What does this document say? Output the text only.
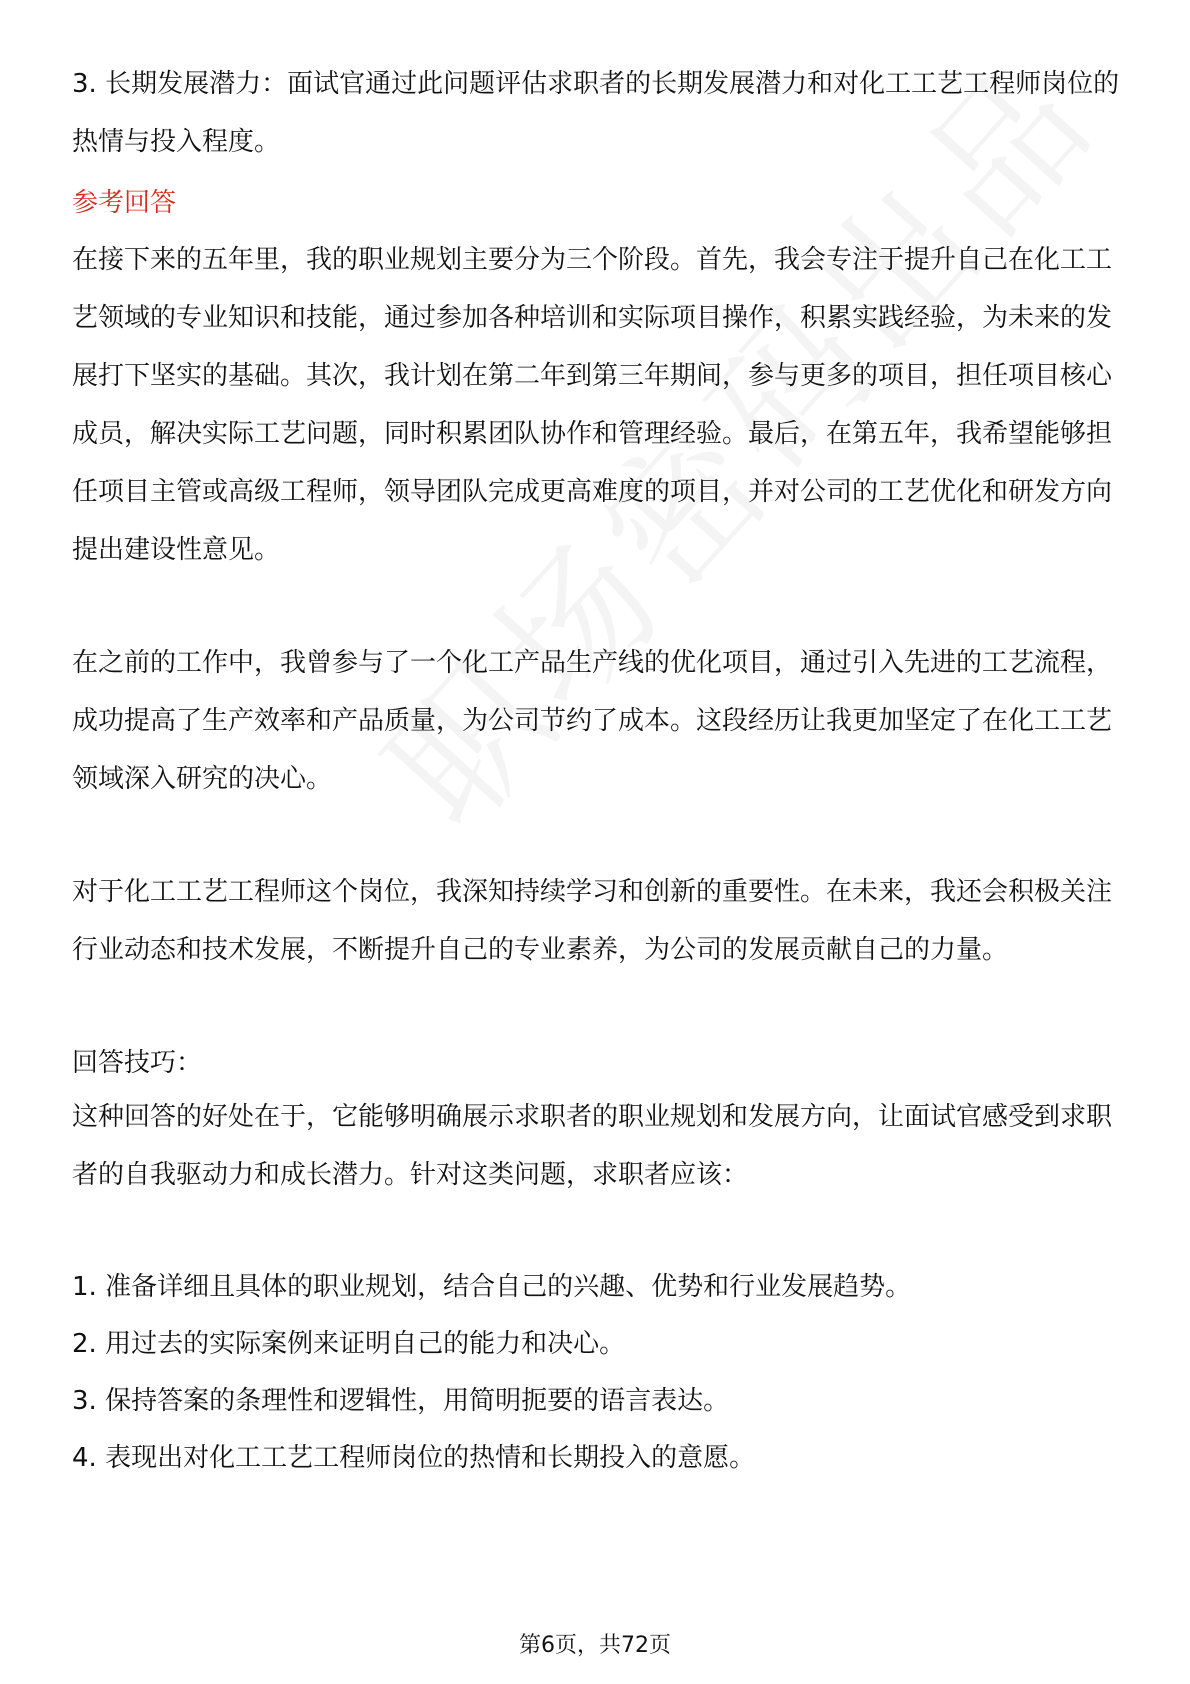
3. 长期发展潜力：面试官通过此问题评估求职者的长期发展潜力和对化工工艺工程师岗位的热情与投入程度。

参考回答

在接下来的五年里，我的职业规划主要分为三个阶段。首先，我会专注于提升自己在化工工艺领域的专业知识和技能，通过参加各种培训和实际项目操作，积累实践经验，为未来的发展打下坚实的基础。其次，我计划在第二年到第三年期间，参与更多的项目，担任项目核心成员，解决实际工艺问题，同时积累团队协作和管理经验。最后，在第五年，我希望能够担任项目主管或高级工程师，领导团队完成更高难度的项目，并对公司的工艺优化和研发方向提出建设性意见。

在之前的工作中，我曾参与了一个化工产品生产线的优化项目，通过引入先进的工艺流程，成功提高了生产效率和产品质量，为公司节约了成本。这段经历让我更加坚定了在化工工艺领域深入研究的决心。

对于化工工艺工程师这个岗位，我深知持续学习和创新的重要性。在未来，我还会积极关注行业动态和技术发展，不断提升自己的专业素养，为公司的发展贡献自己的力量。

回答技巧：

这种回答的好处在于，它能够明确展示求职者的职业规划和发展方向，让面试官感受到求职者的自我驱动力和成长潜力。针对这类问题，求职者应该：

1. 准备详细且具体的职业规划，结合自己的兴趣、优势和行业发展趋势。

2. 用过去的实际案例来证明自己的能力和决心。

3. 保持答案的条理性和逻辑性，用简明扼要的语言表达。

4. 表现出对化工工艺工程师岗位的热情和长期投入的意愿。

第6页，共72页
